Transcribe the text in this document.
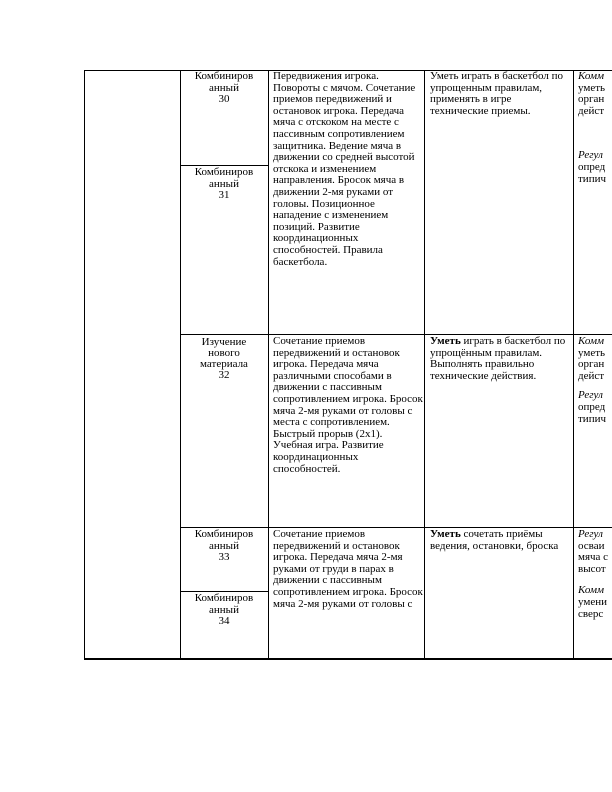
Комбиниров анный
30
Комбиниров анный
31
Передвижения игрока. Повороты с мячом. Сочетание приемов передвижений и остановок игрока. Передача мяча с отскоком на месте с пассивным сопротивлением защитника. Ведение мяча в движении со средней высотой отскока и изменением направления. Бросок мяча в движении 2-мя руками от головы. Позиционное нападение с изменением позиций. Развитие координационных способностей. Правила баскетбола.
Уметь играть в баскетбол по упрощенным правилам, применять в игре технические приемы.
Комм
уметь
орган
дейст
Регул
опред
типич
Изучение нового материала
32
Сочетание приемов передвижений и остановок игрока. Передача мяча различными способами в движении с пассивным сопротивлением игрока. Бросок мяча 2-мя руками от головы с места с сопротивлением. Быстрый прорыв (2x1). Учебная игра. Развитие координационных способностей.
Уметь играть в баскетбол по упрощённым правилам. Выполнять правильно технические действия.
Комм
уметь
орган
дейст
Регул
опред
типич
Комбиниров анный
33
Комбиниров анный
34
Сочетание приемов передвижений и остановок игрока. Передача мяча 2-мя руками от груди в парах в движении с пассивным сопротивлением игрока. Бросок мяча 2-мя руками от головы с
Уметь сочетать приёмы ведения, остановки, броска
Регул
осваи
мяча с
высот
Комм
умени
сверс
